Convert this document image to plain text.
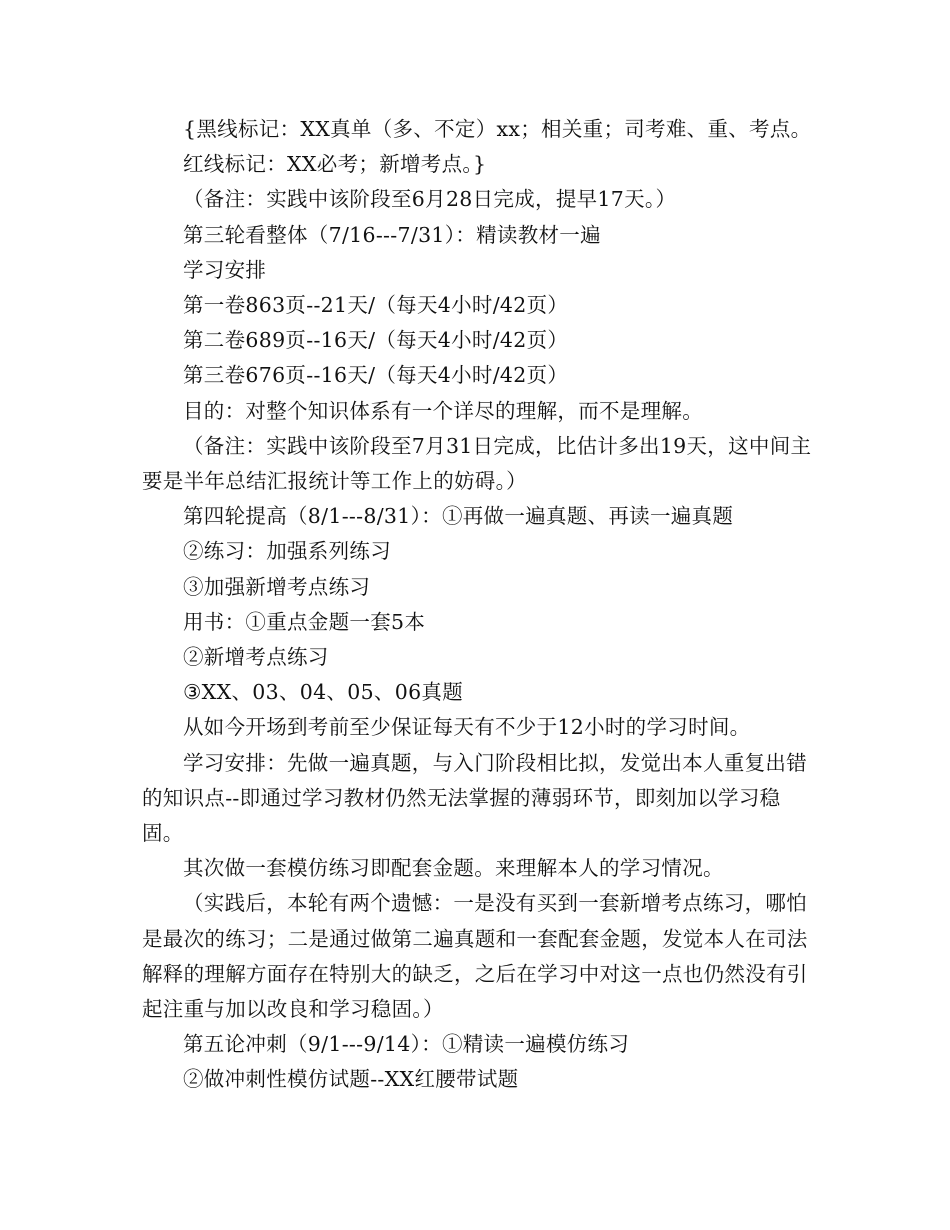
{黑线标记：XX真单（多、不定）xx；相关重；司考难、重、考点。

红线标记：XX必考；新增考点。}

（备注：实践中该阶段至6月28日完成，提早17天。）

第三轮看整体（7/16---7/31）：精读教材一遍

学习安排

第一卷863页--21天/（每天4小时/42页）

第二卷689页--16天/（每天4小时/42页）

第三卷676页--16天/（每天4小时/42页）

目的：对整个知识体系有一个详尽的理解，而不是理解。

（备注：实践中该阶段至7月31日完成，比估计多出19天，这中间主要是半年总结汇报统计等工作上的妨碍。）

第四轮提高（8/1---8/31）：①再做一遍真题、再读一遍真题

②练习：加强系列练习

③加强新增考点练习

用书：①重点金题一套5本

②新增考点练习

③XX、03、04、05、06真题

从如今开场到考前至少保证每天有不少于12小时的学习时间。

学习安排：先做一遍真题，与入门阶段相比拟，发觉出本人重复出错的知识点--即通过学习教材仍然无法掌握的薄弱环节，即刻加以学习稳固。

其次做一套模仿练习即配套金题。来理解本人的学习情况。

（实践后，本轮有两个遗憾：一是没有买到一套新增考点练习，哪怕是最次的练习；二是通过做第二遍真题和一套配套金题，发觉本人在司法解释的理解方面存在特别大的缺乏，之后在学习中对这一点也仍然没有引起注重与加以改良和学习稳固。）

第五论冲刺（9/1---9/14）：①精读一遍模仿练习

②做冲刺性模仿试题--XX红腰带试题
